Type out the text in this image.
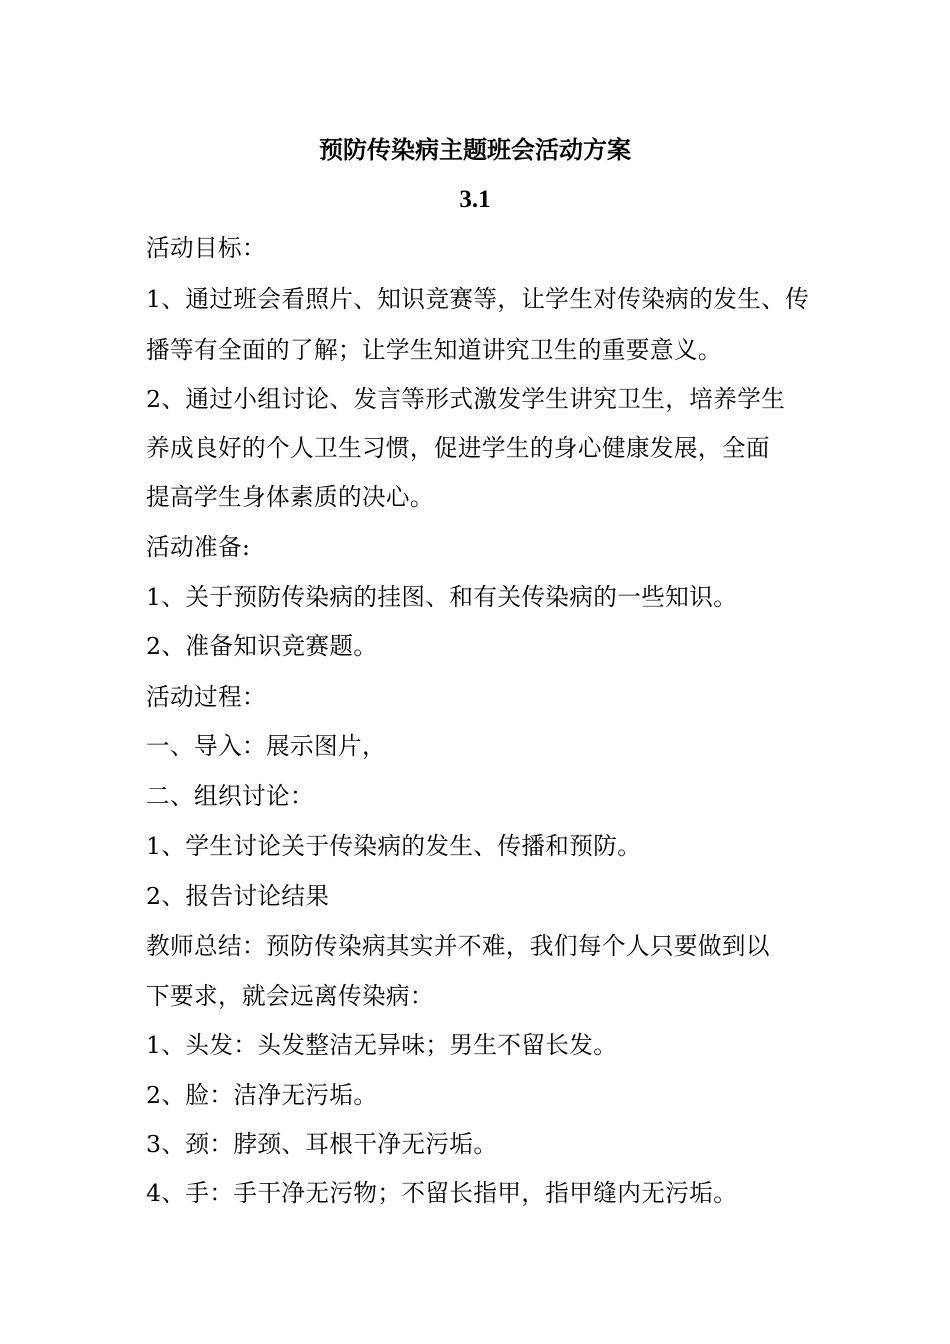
预防传染病主题班会活动方案
3.1
活动目标：
1、通过班会看照片、知识竞赛等，让学生对传染病的发生、传
播等有全面的了解；让学生知道讲究卫生的重要意义。
2、通过小组讨论、发言等形式激发学生讲究卫生，培养学生
养成良好的个人卫生习惯，促进学生的身心健康发展，全面
提高学生身体素质的决心。
活动准备:
1、关于预防传染病的挂图、和有关传染病的一些知识。
2、准备知识竞赛题。
活动过程：
一、导入：展示图片，
二、组织讨论：
1、学生讨论关于传染病的发生、传播和预防。
2、报告讨论结果
教师总结：预防传染病其实并不难，我们每个人只要做到以
下要求，就会远离传染病：
1、头发：头发整洁无异味；男生不留长发。
2、脸：洁净无污垢。
3、颈：脖颈、耳根干净无污垢。
4、手：手干净无污物；不留长指甲，指甲缝内无污垢。
